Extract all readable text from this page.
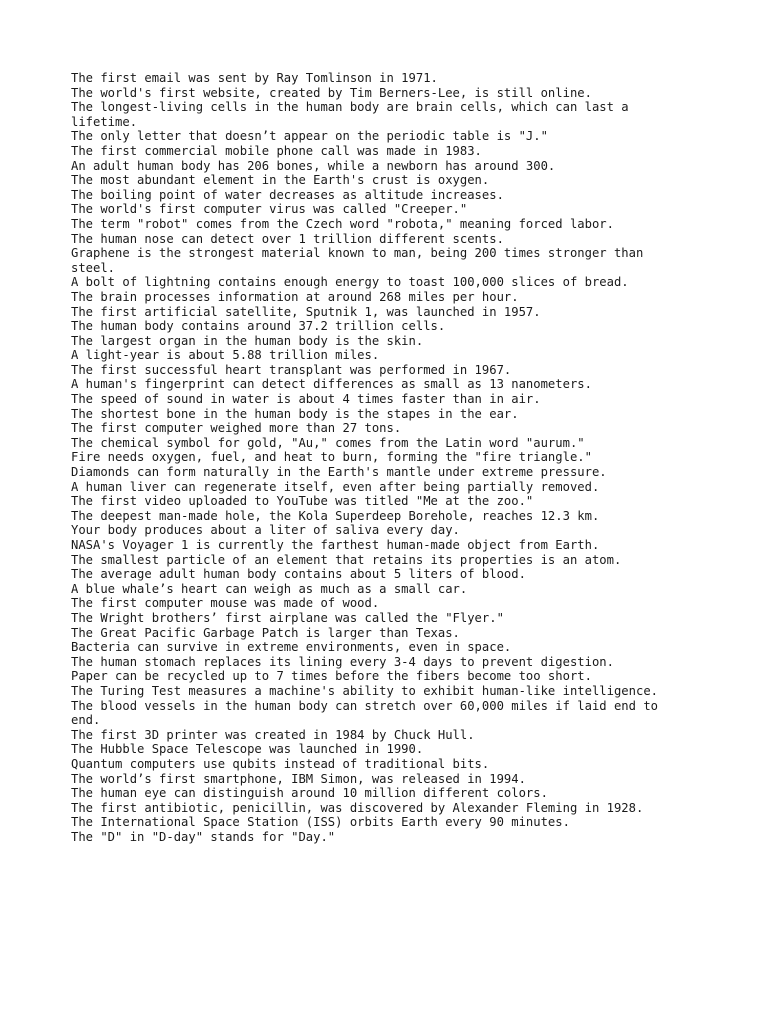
The first email was sent by Ray Tomlinson in 1971.
The world's first website, created by Tim Berners-Lee, is still online.
The longest-living cells in the human body are brain cells, which can last a lifetime.
The only letter that doesn’t appear on the periodic table is "J."
The first commercial mobile phone call was made in 1983.
An adult human body has 206 bones, while a newborn has around 300.
The most abundant element in the Earth's crust is oxygen.
The boiling point of water decreases as altitude increases.
The world's first computer virus was called "Creeper."
The term "robot" comes from the Czech word "robota," meaning forced labor.
The human nose can detect over 1 trillion different scents.
Graphene is the strongest material known to man, being 200 times stronger than steel.
A bolt of lightning contains enough energy to toast 100,000 slices of bread.
The brain processes information at around 268 miles per hour.
The first artificial satellite, Sputnik 1, was launched in 1957.
The human body contains around 37.2 trillion cells.
The largest organ in the human body is the skin.
A light-year is about 5.88 trillion miles.
The first successful heart transplant was performed in 1967.
A human's fingerprint can detect differences as small as 13 nanometers.
The speed of sound in water is about 4 times faster than in air.
The shortest bone in the human body is the stapes in the ear.
The first computer weighed more than 27 tons.
The chemical symbol for gold, "Au," comes from the Latin word "aurum."
Fire needs oxygen, fuel, and heat to burn, forming the "fire triangle."
Diamonds can form naturally in the Earth's mantle under extreme pressure.
A human liver can regenerate itself, even after being partially removed.
The first video uploaded to YouTube was titled "Me at the zoo."
The deepest man-made hole, the Kola Superdeep Borehole, reaches 12.3 km.
Your body produces about a liter of saliva every day.
NASA's Voyager 1 is currently the farthest human-made object from Earth.
The smallest particle of an element that retains its properties is an atom.
The average adult human body contains about 5 liters of blood.
A blue whale’s heart can weigh as much as a small car.
The first computer mouse was made of wood.
The Wright brothers’ first airplane was called the "Flyer."
The Great Pacific Garbage Patch is larger than Texas.
Bacteria can survive in extreme environments, even in space.
The human stomach replaces its lining every 3-4 days to prevent digestion.
Paper can be recycled up to 7 times before the fibers become too short.
The Turing Test measures a machine's ability to exhibit human-like intelligence.
The blood vessels in the human body can stretch over 60,000 miles if laid end to end.
The first 3D printer was created in 1984 by Chuck Hull.
The Hubble Space Telescope was launched in 1990.
Quantum computers use qubits instead of traditional bits.
The world’s first smartphone, IBM Simon, was released in 1994.
The human eye can distinguish around 10 million different colors.
The first antibiotic, penicillin, was discovered by Alexander Fleming in 1928.
The International Space Station (ISS) orbits Earth every 90 minutes.
The "D" in "D-day" stands for "Day."
